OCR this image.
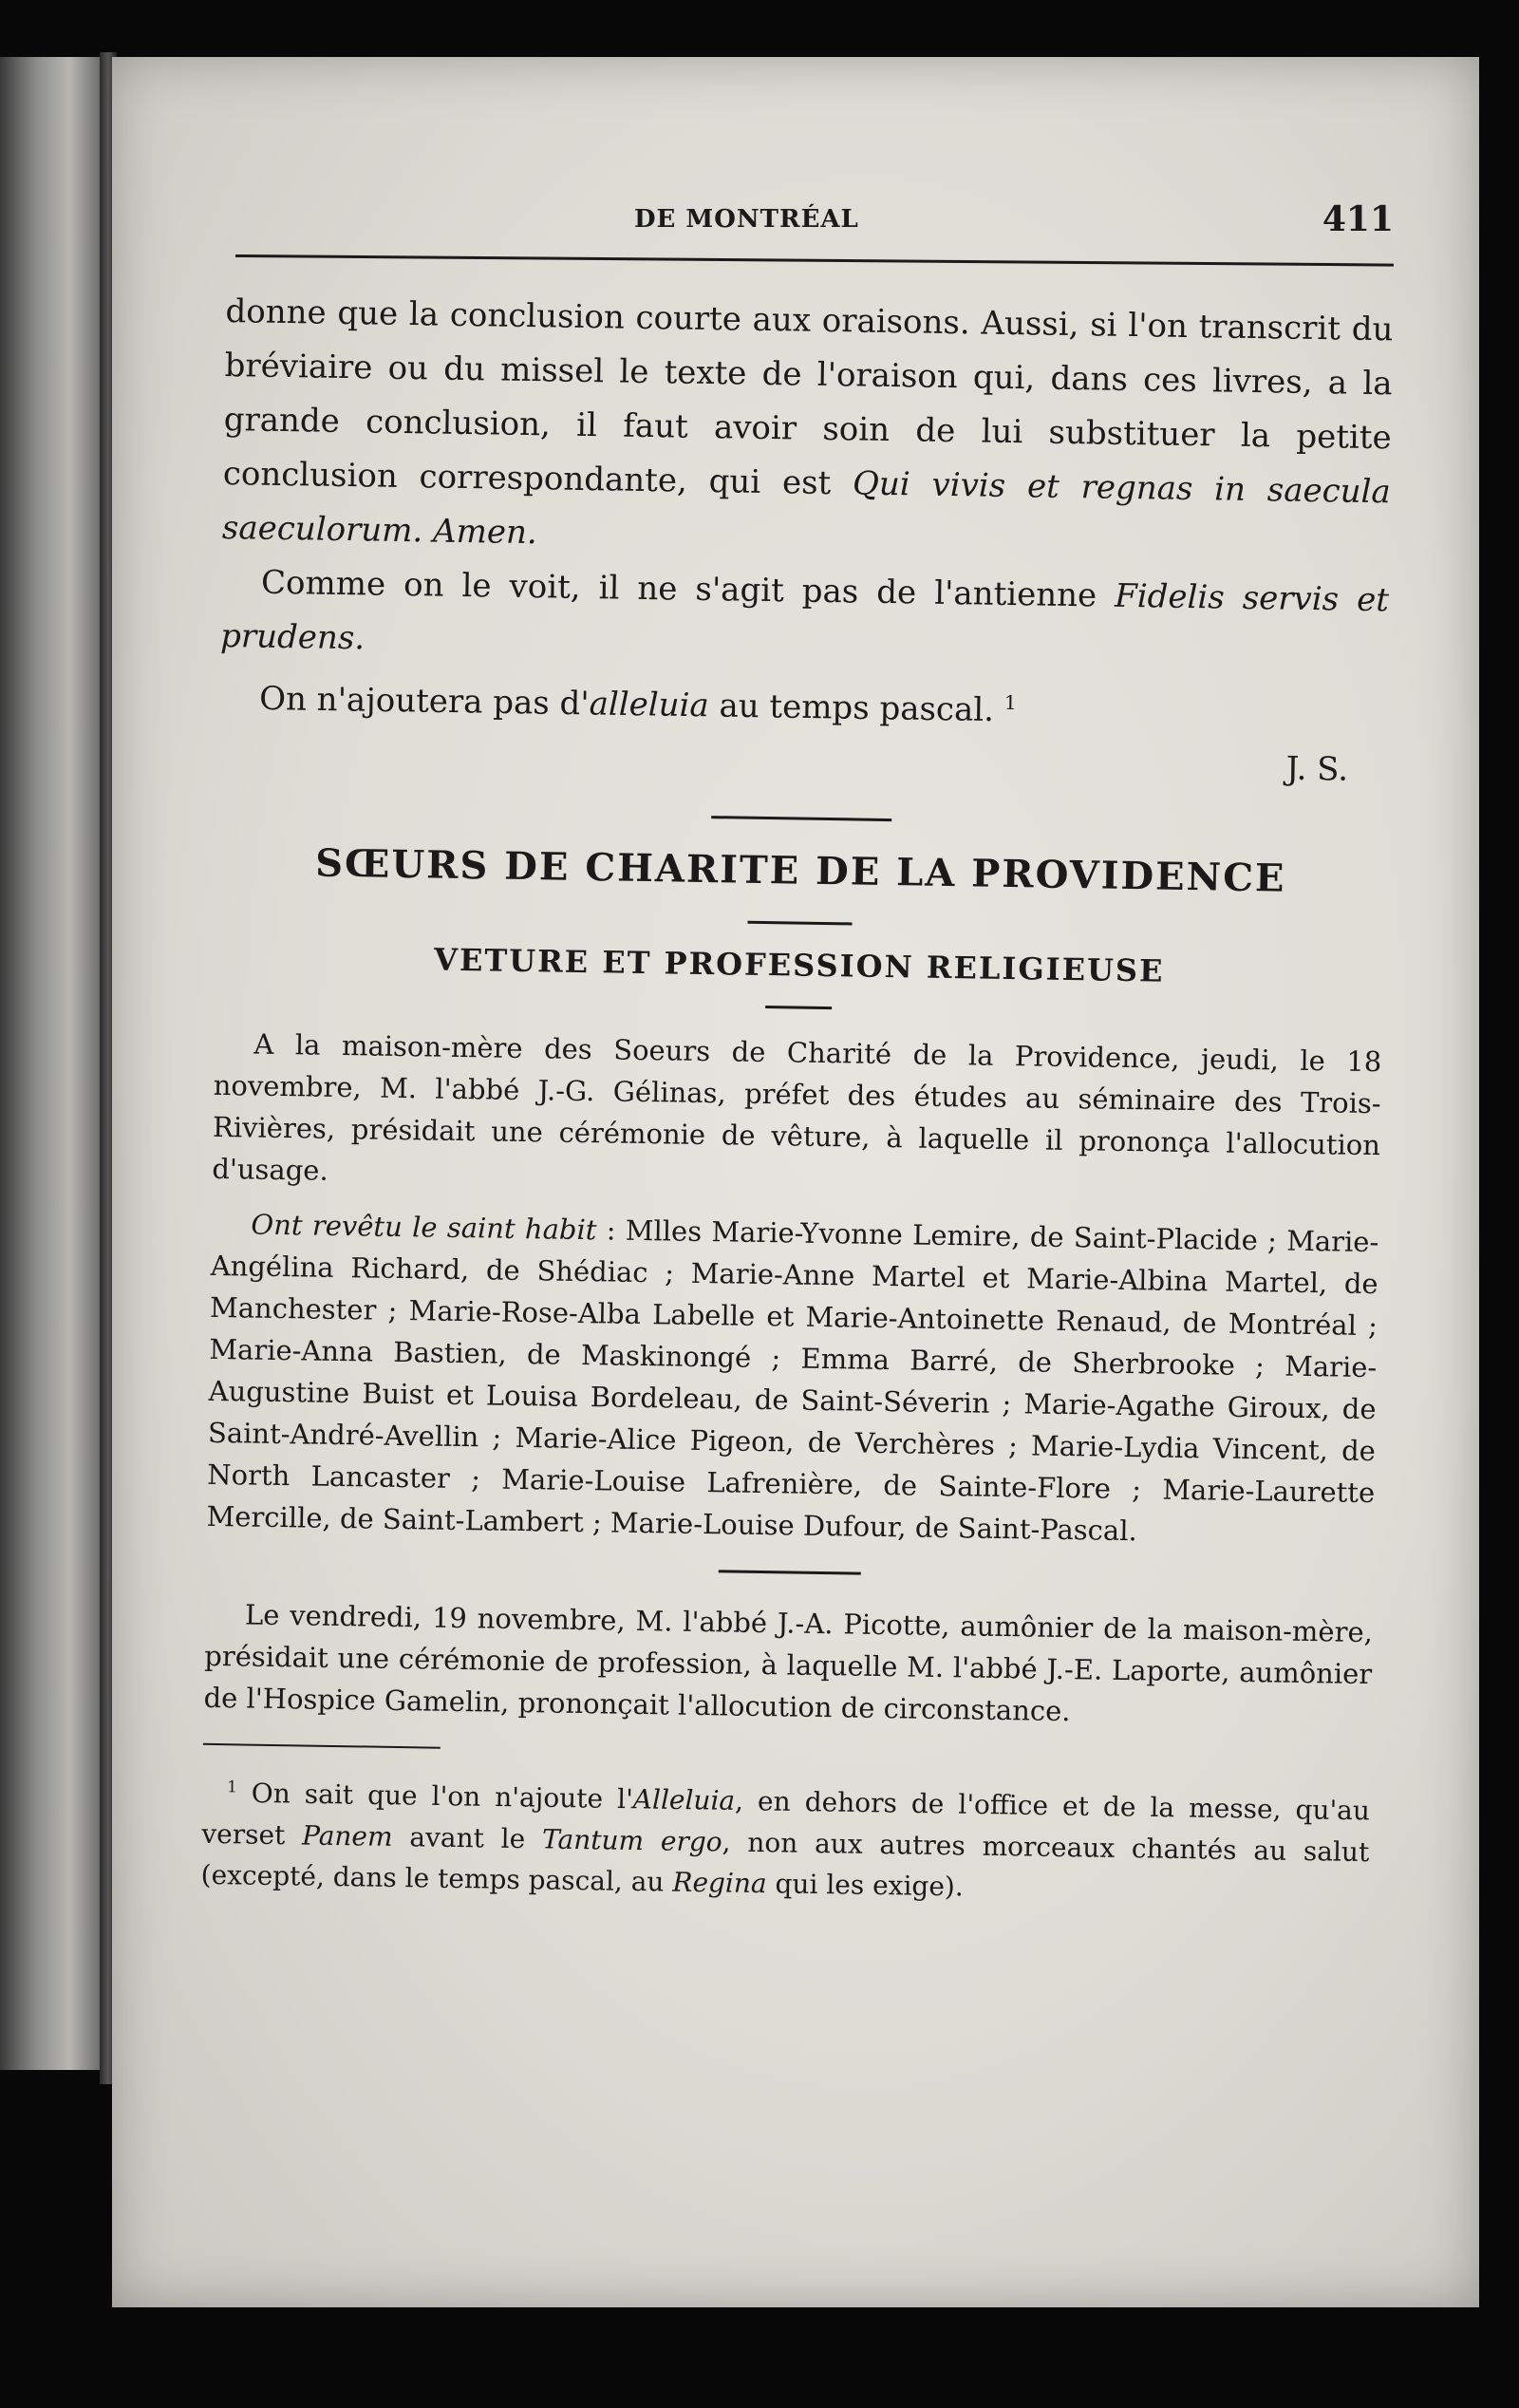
DE MONTRÉAL	411

donne que la conclusion courte aux oraisons. Aussi, si l'on transcrit du bréviaire ou du missel le texte de l'oraison qui, dans ces livres, a la grande conclusion, il faut avoir soin de lui substituer la petite conclusion correspondante, qui est Qui vivis et regnas in saecula saeculorum. Amen.

Comme on le voit, il ne s'agit pas de l'antienne Fidelis servis et prudens.

On n'ajoutera pas d'alleluia au temps pascal. $^1$

J. S.

SŒURS DE CHARITE DE LA PROVIDENCE
VETURE ET PROFESSION RELIGIEUSE

A la maison-mère des Soeurs de Charité de la Providence, jeudi, le 18 novembre, M. l'abbé J.-G. Gélinas, préfet des études au séminaire des Trois-Rivières, présidait une cérémonie de vêture, à laquelle il prononça l'allocution d'usage.

Ont revêtu le saint habit : Mlles Marie-Yvonne Lemire, de Saint-Placide ; Marie-Angélina Richard, de Shédiac ; Marie-Anne Martel et Marie-Albina Martel, de Manchester ; Marie-Rose-Alba Labelle et Marie-Antoinette Renaud, de Montréal ; Marie-Anna Bastien, de Maskinongé ; Emma Barré, de Sherbrooke ; Marie-Augustine Buist et Louisa Bordeleau, de Saint-Séverin ; Marie-Agathe Giroux, de Saint-André-Avellin ; Marie-Alice Pigeon, de Verchères ; Marie-Lydia Vincent, de North Lancaster ; Marie-Louise Lafrenière, de Sainte-Flore ; Marie-Laurette Mercille, de Saint-Lambert ; Marie-Louise Dufour, de Saint-Pascal.

Le vendredi, 19 novembre, M. l'abbé J.-A. Picotte, aumônier de la maison-mère, présidait une cérémonie de profession, à laquelle M. l'abbé J.-E. Laporte, aumônier de l'Hospice Gamelin, prononçait l'allocution de circonstance.

$^1$ On sait que l'on n'ajoute l'Alleluia, en dehors de l'office et de la messe, qu'au verset Panem avant le Tantum ergo, non aux autres morceaux chantés au salut (excepté, dans le temps pascal, au Regina qui les exige).
